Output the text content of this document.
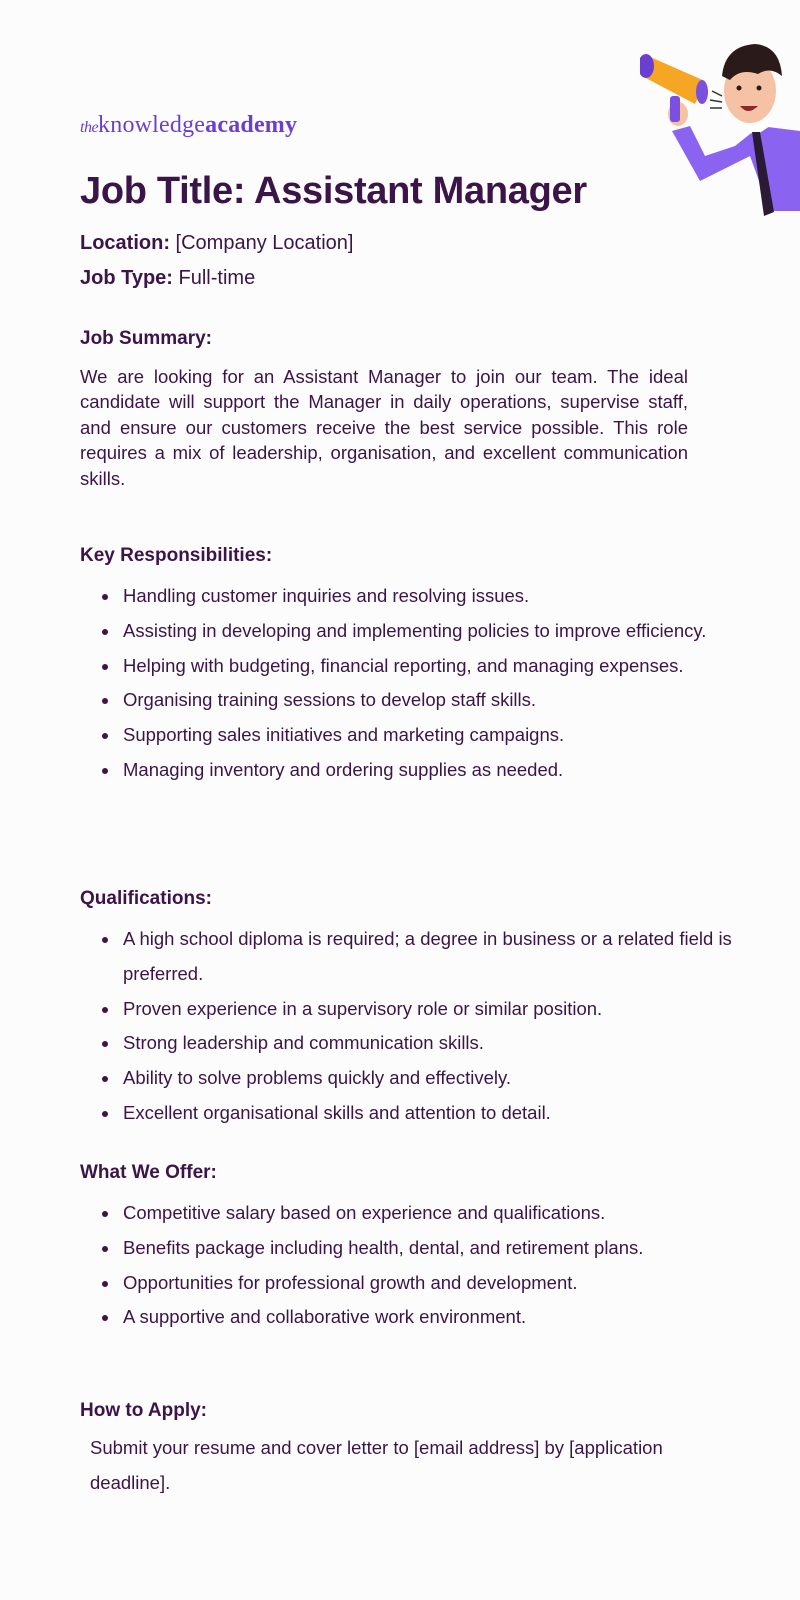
theknowledgeacademy
Job Title: Assistant Manager
Location: [Company Location]
Job Type: Full-time
Job Summary:

We are looking for an Assistant Manager to join our team. The ideal candidate will support the Manager in daily operations, supervise staff, and ensure our customers receive the best service possible. This role requires a mix of leadership, organisation, and excellent communication skills.

Key Responsibilities:
Handling customer inquiries and resolving issues.
Assisting in developing and implementing policies to improve efficiency.
Helping with budgeting, financial reporting, and managing expenses.
Organising training sessions to develop staff skills.
Supporting sales initiatives and marketing campaigns.
Managing inventory and ordering supplies as needed.
Qualifications:
A high school diploma is required; a degree in business or a related field is preferred.
Proven experience in a supervisory role or similar position.
Strong leadership and communication skills.
Ability to solve problems quickly and effectively.
Excellent organisational skills and attention to detail.
What We Offer:
Competitive salary based on experience and qualifications.
Benefits package including health, dental, and retirement plans.
Opportunities for professional growth and development.
A supportive and collaborative work environment.
How to Apply:

Submit your resume and cover letter to [email address] by [application deadline].
